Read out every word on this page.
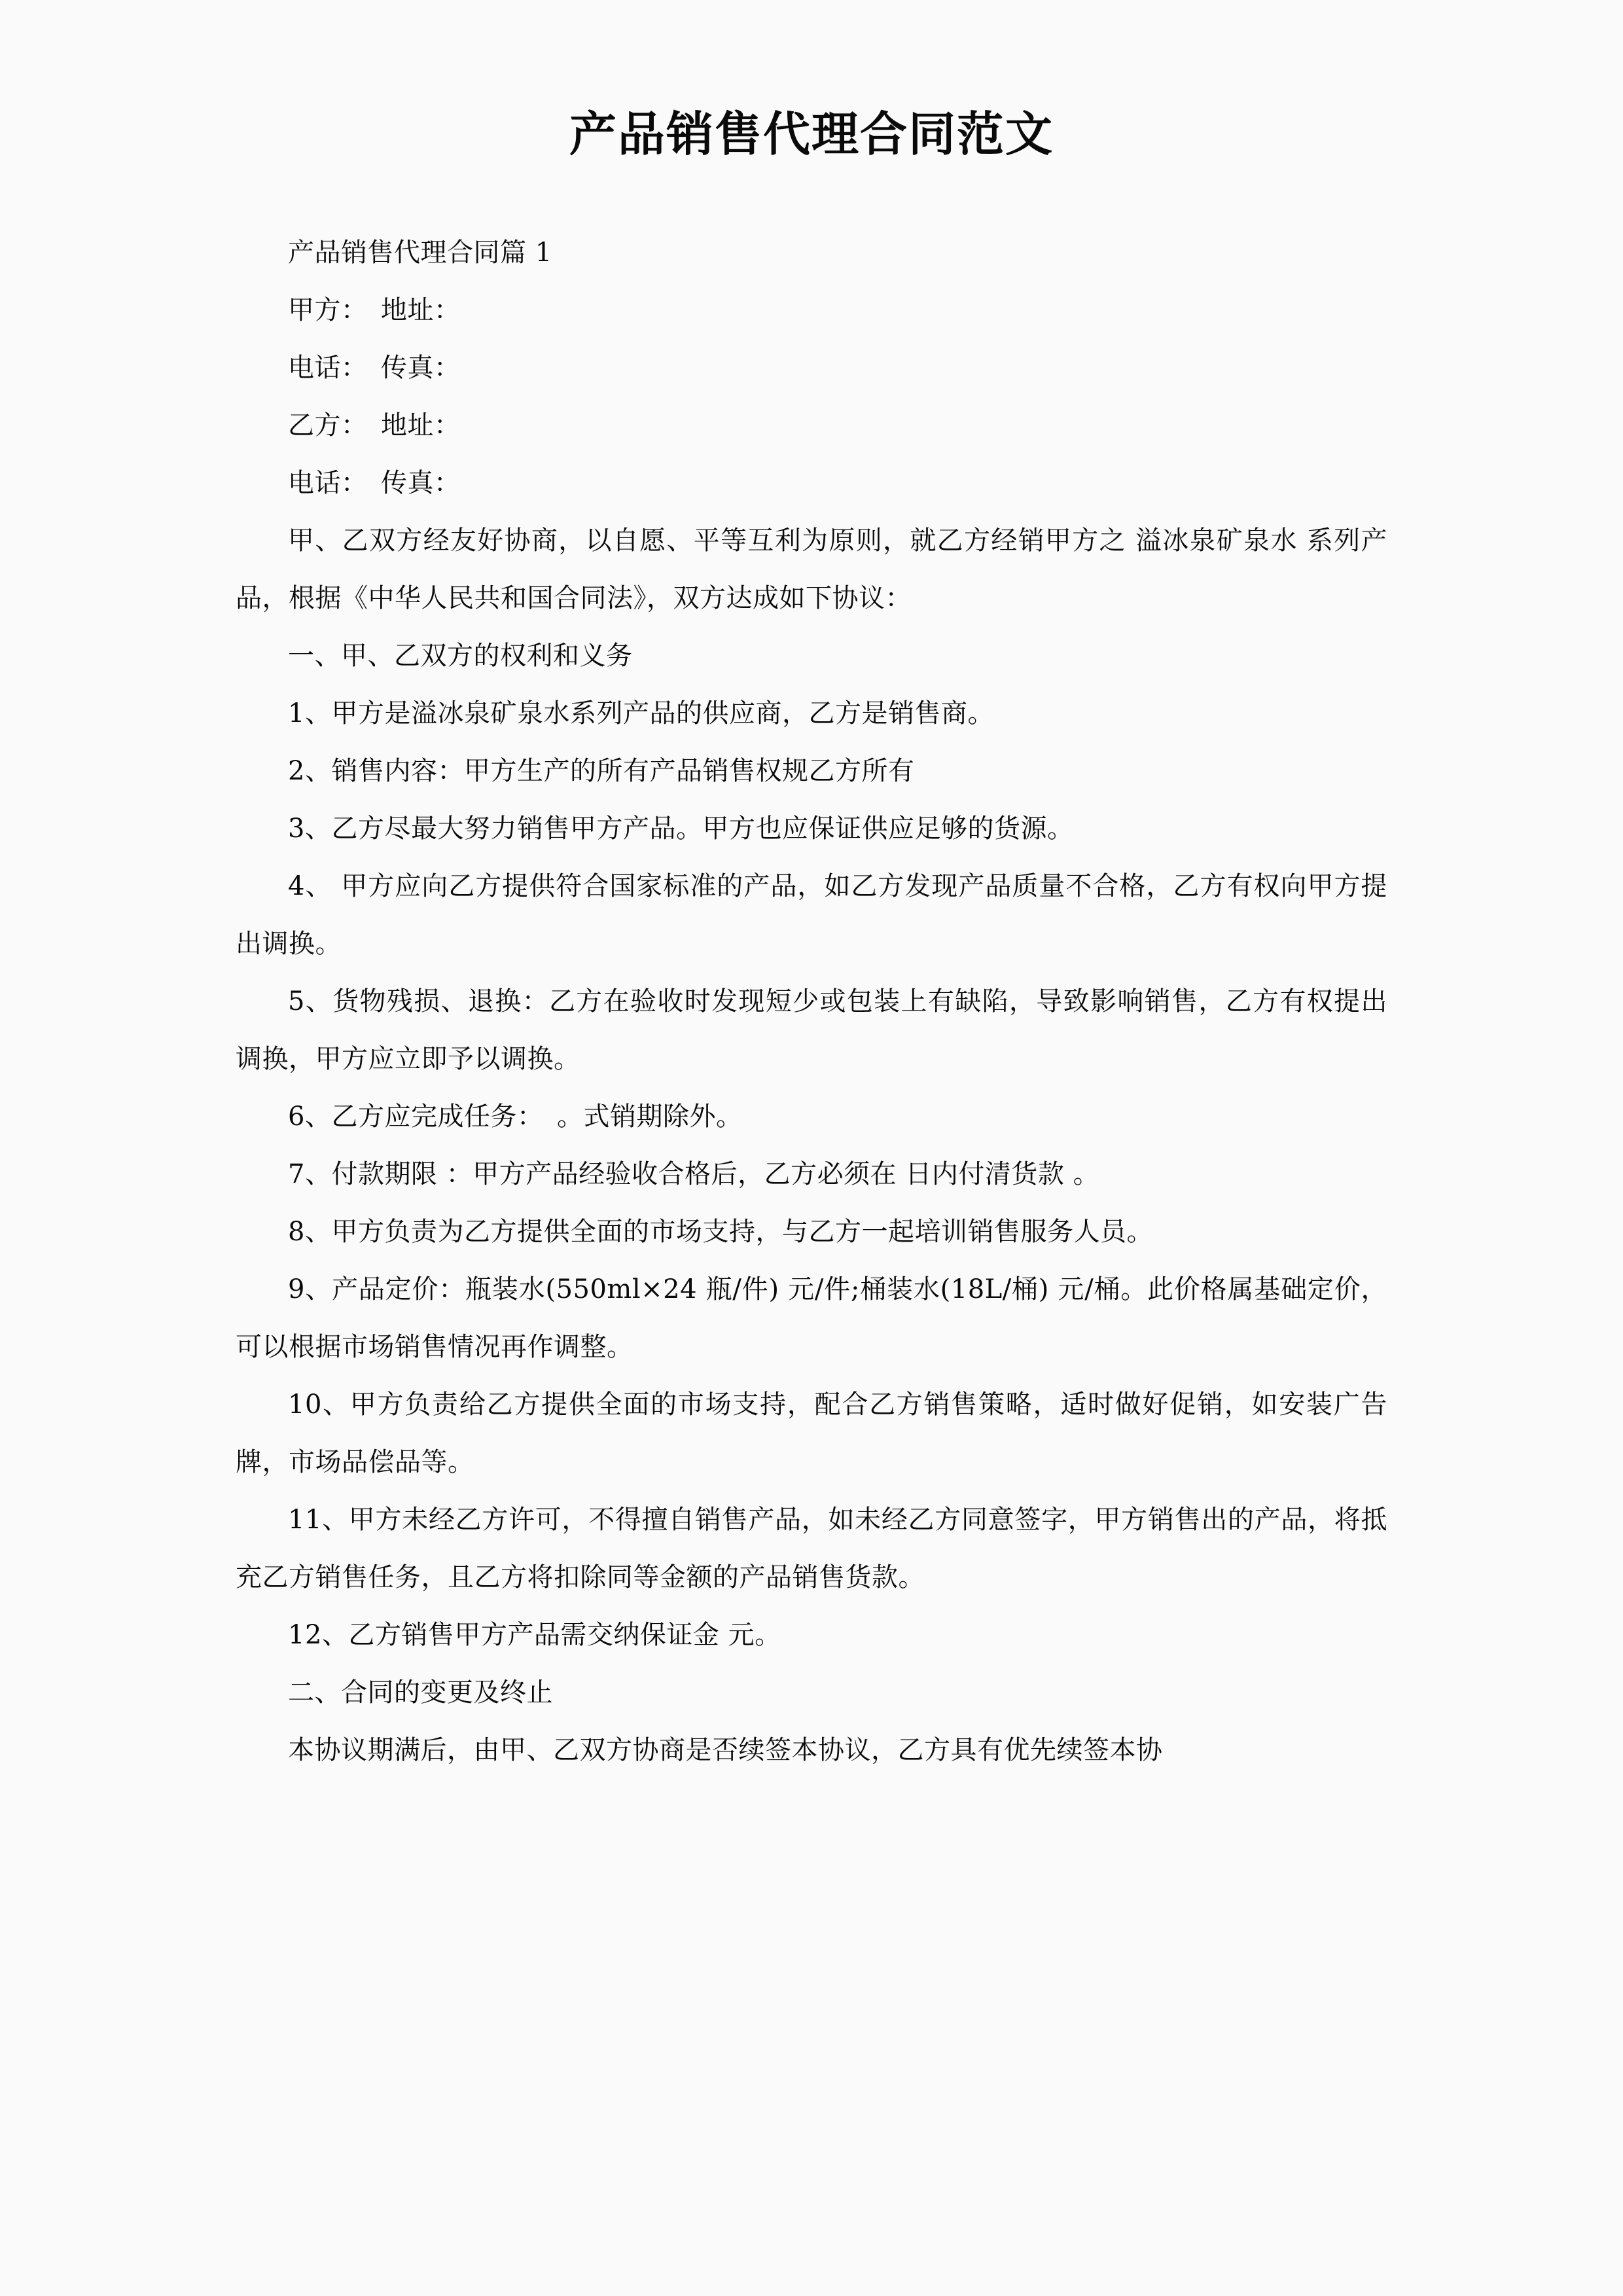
产品销售代理合同范文

产品销售代理合同篇 1

甲方：　地址：

电话：　传真：

乙方：　地址：

电话：　传真：

甲、乙双方经友好协商，以自愿、平等互利为原则，就乙方经销甲方之 溢冰泉矿泉水 系列产品，根据《中华人民共和国合同法》，双方达成如下协议：

一、甲、乙双方的权利和义务

1、甲方是溢冰泉矿泉水系列产品的供应商，乙方是销售商。

2、销售内容：甲方生产的所有产品销售权规乙方所有

3、乙方尽最大努力销售甲方产品。甲方也应保证供应足够的货源。

4、 甲方应向乙方提供符合国家标准的产品，如乙方发现产品质量不合格，乙方有权向甲方提出调换。

5、货物残损、退换：乙方在验收时发现短少或包装上有缺陷，导致影响销售，乙方有权提出调换，甲方应立即予以调换。

6、乙方应完成任务：　。式销期除外。

7、付款期限 ：甲方产品经验收合格后，乙方必须在 日内付清货款 。

8、甲方负责为乙方提供全面的市场支持，与乙方一起培训销售服务人员。

9、产品定价：瓶装水(550ml×24 瓶/件) 元/件;桶装水(18L/桶) 元/桶。此价格属基础定价，可以根据市场销售情况再作调整。

10、甲方负责给乙方提供全面的市场支持，配合乙方销售策略，适时做好促销，如安装广告牌，市场品偿品等。

11、甲方未经乙方许可，不得擅自销售产品，如未经乙方同意签字，甲方销售出的产品，将抵充乙方销售任务，且乙方将扣除同等金额的产品销售货款。

12、乙方销售甲方产品需交纳保证金 元。

二、合同的变更及终止

本协议期满后，由甲、乙双方协商是否续签本协议，乙方具有优先续签本协
